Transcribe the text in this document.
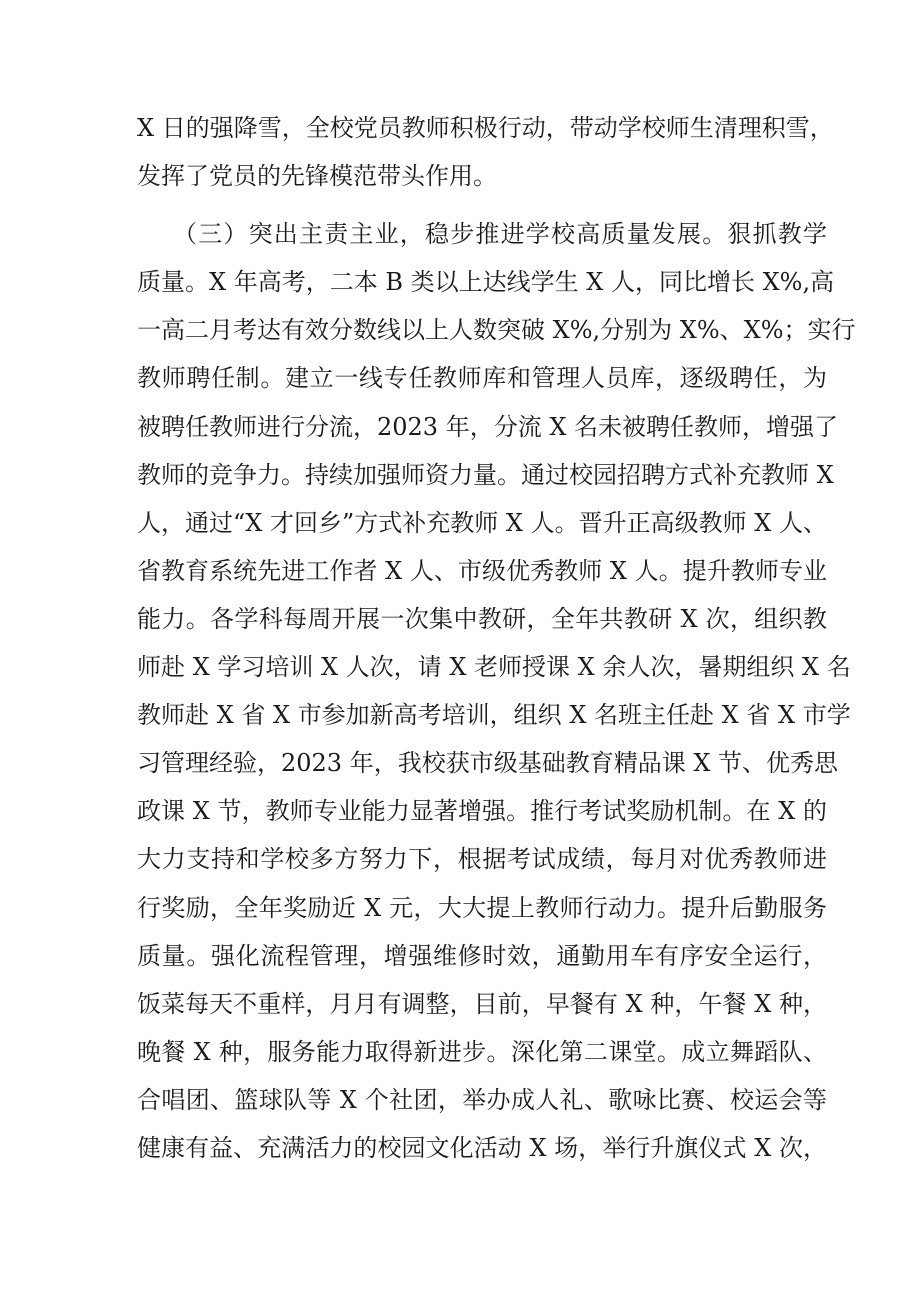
X 日的强降雪，全校党员教师积极行动，带动学校师生清理积雪，
发挥了党员的先锋模范带头作用。
（三）突出主责主业，稳步推进学校高质量发展。狠抓教学
质量。X 年高考，二本 B 类以上达线学生 X 人，同比增长 X%,高
一高二月考达有效分数线以上人数突破 X%,分别为 X%、X%；实行
教师聘任制。建立一线专任教师库和管理人员库，逐级聘任，为
被聘任教师进行分流，2023 年，分流 X 名未被聘任教师，增强了
教师的竞争力。持续加强师资力量。通过校园招聘方式补充教师 X
人，通过“X 才回乡”方式补充教师 X 人。晋升正高级教师 X 人、
省教育系统先进工作者 X 人、市级优秀教师 X 人。提升教师专业
能力。各学科每周开展一次集中教研，全年共教研 X 次，组织教
师赴 X 学习培训 X 人次，请 X 老师授课 X 余人次，暑期组织 X 名
教师赴 X 省 X 市参加新高考培训，组织 X 名班主任赴 X 省 X 市学
习管理经验，2023 年，我校获市级基础教育精品课 X 节、优秀思
政课 X 节，教师专业能力显著增强。推行考试奖励机制。在 X 的
大力支持和学校多方努力下，根据考试成绩，每月对优秀教师进
行奖励，全年奖励近 X 元，大大提上教师行动力。提升后勤服务
质量。强化流程管理，增强维修时效，通勤用车有序安全运行，
饭菜每天不重样，月月有调整，目前，早餐有 X 种，午餐 X 种，
晚餐 X 种，服务能力取得新进步。深化第二课堂。成立舞蹈队、
合唱团、篮球队等 X 个社团，举办成人礼、歌咏比赛、校运会等
健康有益、充满活力的校园文化活动 X 场，举行升旗仪式 X 次，
